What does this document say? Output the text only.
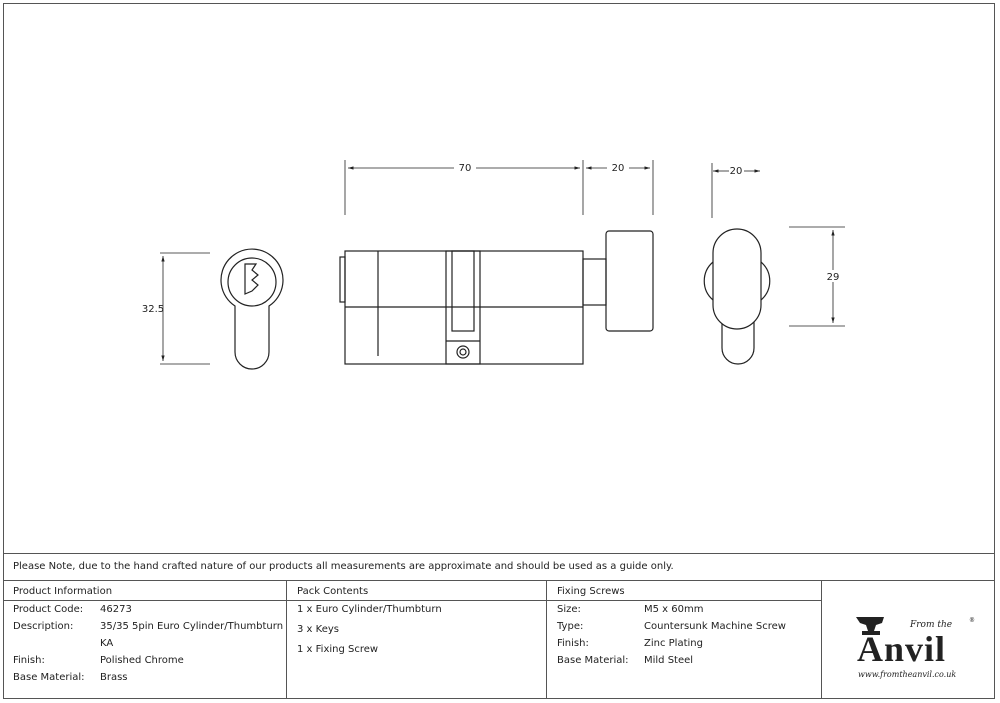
32.5
70	20	20
29
Please Note, due to the hand crafted nature of our products all measurements are approximate and should be used as a guide only.
Product Information
Product Code: 46273
Description:	35/35 5pin Euro Cylinder/Thumbturn
KA
Finish:	Polished Chrome
Base Material: Brass
Pack Contents
1 x Euro Cylinder/Thumbturn
3 x Keys
1 x Fixing Screw
Fixing Screws
Size:	M5 x 60mm
Type:	Countersunk Machine Screw
Finish:	Zinc Plating
Base Material: Mild Steel
From the	®
Anvil
www.fromtheanvil.co.uk
